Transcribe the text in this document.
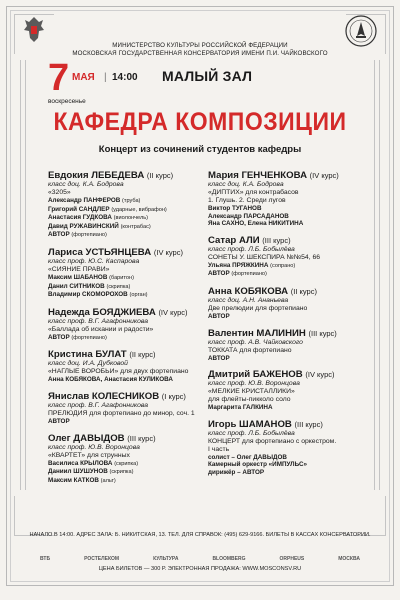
МИНИСТЕРСТВО КУЛЬТУРЫ РОССИЙСКОЙ ФЕДЕРАЦИИ
МОСКОВСКАЯ ГОСУДАРСТВЕННАЯ КОНСЕРВАТОРИЯ ИМЕНИ П.И. ЧАЙКОВСКОГО
7 МАЯ | 14:00
воскресенье
МАЛЫЙ ЗАЛ
КАФЕДРА КОМПОЗИЦИИ
Концерт из сочинений студентов кафедры
Евдокия ЛЕБЕДЕВА (II курс)
класс доц. К.А. Бодрова
«3205»
Александр ПАНФЕРОВ (труба)
Григорий САНДЛЕР (ударные, вибрафон)
Анастасия ГУДКОВА (виолончель)
Давид РУЖАВИНСКИЙ (контрабас)
АВТОР (фортепиано)
Лариса УСТЬЯНЦЕВА (IV курс)
класс проф. Ю.С. Каспарова
«СИЯНИЕ ПРАВИ»
Максим ШАБАНОВ (баритон)
Данил СИТНИКОВ (скрипка)
Владимир СКОМОРОХОВ (орган)
Надежда БОЯДЖИЕВА (IV курс)
класс проф. В.Г. Агафонникова
«Баллада об искании и радости»
АВТОР (фортепиано)
Кристина БУЛАТ (II курс)
класс доц. И.А. Дубковой
«НАГЛЫЕ ВОРОБЬИ» для двух фортепиано
Анна КОБЯКОВА, Анастасия КУЛИКОВА
Янислав КОЛЕСНИКОВ (I курс)
класс проф. В.Г. Агафонникова
ПРЕЛЮДИЯ для фортепиано до минор, соч. 1
АВТОР
Олег ДАВЫДОВ (III курс)
класс проф. Ю.В. Воронцова
«КВАРТЕТ» для струнных
Василиса КРЫЛОВА (скрипка)
Даниил ШУШУНОВ (скрипка)
Максим КАТКОВ (альт)
Мария ГЕНЧЕНКОВА (IV курс)
класс доц. К.А. Бодрова
«ДИПТИХ» для контрабасов
1. Глушь. 2. Среди лугов
Виктор ТУГАНОВ
Александр ПАРСАДАНОВ
Яна САХНО, Елена НИКИТИНА
Сатар АЛИ (III курс)
класс проф. Л.Б. Бобылёва
СОНЕТЫ У. ШЕКСПИРА №№54, 66
Ульяна ПРЯЖКИНА (сопрано)
АВТОР (фортепиано)
Анна КОБЯКОВА (II курс)
класс доц. А.Н. Ананьева
Две прелюдии для фортепиано
АВТОР
Валентин МАЛИНИН (III курс)
класс проф. А.В. Чайковского
ТОККАТА для фортепиано
АВТОР
Дмитрий БАЖЕНОВ (IV курс)
класс проф. Ю.В. Воронцова
«МЕЛКИЕ КРИСТАЛЛИКИ»
для флейты-пикколо соло
Маргарита ГАЛКИНА
Игорь ШАМАНОВ (III курс)
класс проф. Л.Б. Бобылёва
КОНЦЕРТ для фортепиано с оркестром.
I часть
солист – Олег ДАВЫДОВ
Камерный оркестр «ИМПУЛЬС»
дирижёр – АВТОР
НАЧАЛО В 14:00. АДРЕС ЗАЛА: Б. НИКИТСКАЯ, 13. ТЕЛ. ДЛЯ СПРАВОК: (495) 629-9166. БИЛЕТЫ В КАССАХ КОНСЕРВАТОРИИ.
ВТБ	РОСТЕЛЕКОМ	КУЛЬТУРА	BLOOMBERG	ORPHEUS	МОСКВА
ЦЕНА БИЛЕТОВ — 300 Р. ЭЛЕКТРОННАЯ ПРОДАЖА: WWW.MOSCONSV.RU
